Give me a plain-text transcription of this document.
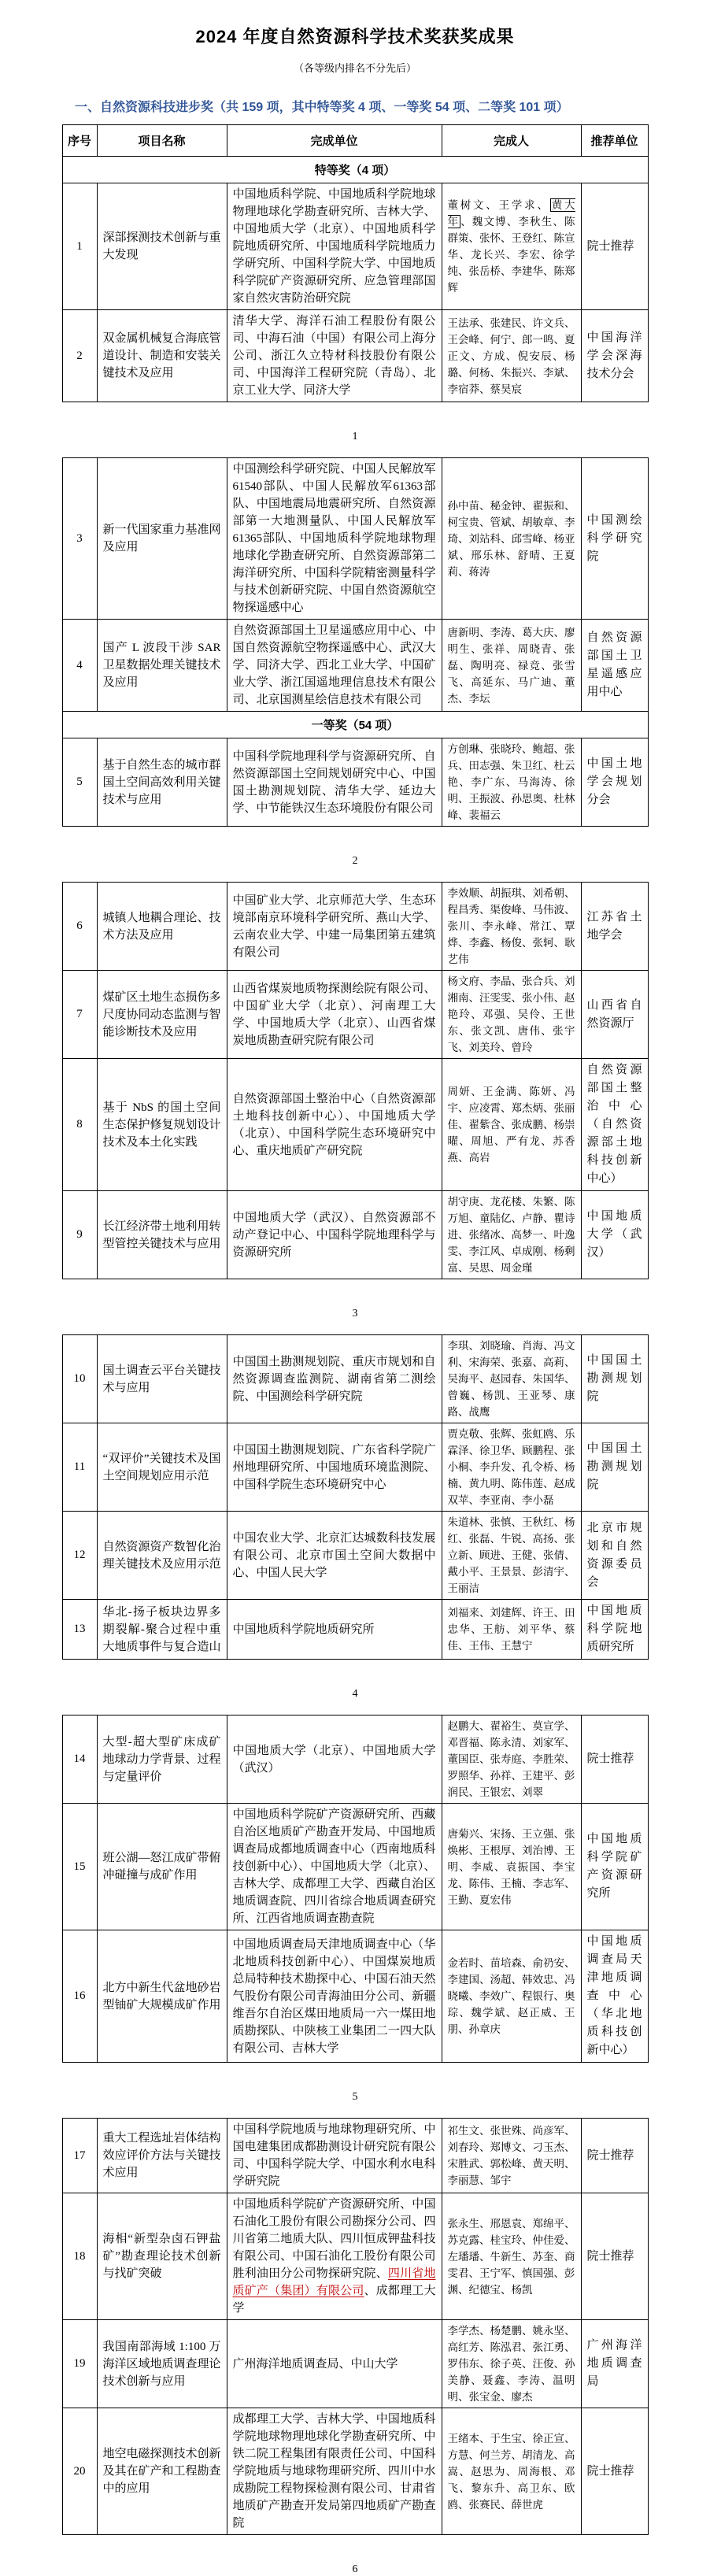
2024 年度自然资源科学技术奖获奖成果
（各等级内排名不分先后）
一、自然资源科技进步奖（共 159 项，其中特等奖 4 项、一等奖 54 项、二等奖 101 项）
序号	项目名称	完成单位	完成人	推荐单位
特等奖（4 项）				
1	深部探测技术创新与重大发现	中国地质科学院、中国地质科学院地球物理地球化学勘查研究所、吉林大学、中国地质大学（北京）、中国地质科学院地质研究所、中国地质科学院地质力学研究所、中国科学院大学、中国地质科学院矿产资源研究所、应急管理部国家自然灾害防治研究院	董树文、王学求、 黄大年 、魏文博、李秋生、陈群策、张怀、王登红、陈宣华、龙长兴、李宏、徐学纯、张岳桥、李建华、陈郑辉	院士推荐
2	双金属机械复合海底管道设计、制造和安装关键技术及应用	清华大学、海洋石油工程股份有限公司、中海石油（中国）有限公司上海分公司、浙江久立特材科技股份有限公司、中国海洋工程研究院（青岛）、北京工业大学、同济大学	王法承、张建民、许文兵、王会峰、何宁、郎一鸣、夏正文、方成、倪安辰、杨璐、何杨、朱振兴、李斌、李宿莽、蔡昊宸	中国海洋学会深海技术分会
1
3	新一代国家重力基准网及应用	中国测绘科学研究院、中国人民解放军61540部队、中国人民解放军61363部队、中国地震局地震研究所、自然资源部第一大地测量队、中国人民解放军61365部队、中国地质科学院地球物理地球化学勘查研究所、自然资源部第二海洋研究所、中国科学院精密测量科学与技术创新研究院、中国自然资源航空物探遥感中心	孙中苗、秘金钟、翟振和、柯宝贵、管斌、胡敏章、李琦、刘站科、邱雪峰、杨亚斌、邢乐林、舒晴、王夏莉、蒋涛	中国测绘科学研究院
4	国产 L 波段干涉 SAR 卫星数据处理关键技术及应用	自然资源部国土卫星遥感应用中心、中国自然资源航空物探遥感中心、武汉大学、同济大学、西北工业大学、中国矿业大学、浙江国遥地理信息技术有限公司、北京国测星绘信息技术有限公司	唐新明、李涛、葛大庆、廖明生、张祥、周晓青、张磊、陶明亮、禄竞、张雪飞、高延东、马广迪、董杰、李坛	自然资源部国土卫星遥感应用中心
一等奖（54 项）				
5	基于自然生态的城市群国土空间高效利用关键技术与应用	中国科学院地理科学与资源研究所、自然资源部国土空间规划研究中心、中国国土勘测规划院、清华大学、延边大学、中节能铁汉生态环境股份有限公司	方创琳、张晓玲、鲍超、张兵、田志强、朱卫红、杜云艳、李广东、马海涛、徐明、王振波、孙思奥、杜林峰、裴福云	中国土地学会规划分会
2
6	城镇人地耦合理论、技术方法及应用	中国矿业大学、北京师范大学、生态环境部南京环境科学研究所、燕山大学、云南农业大学、中建一局集团第五建筑有限公司	李效顺、胡振琪、刘希朝、程昌秀、渠俊峰、马伟波、张川、李永峰、常江、覃烨、李鑫、杨俊、张轲、耿艺伟	江苏省土地学会
7	煤矿区土地生态损伤多尺度协同动态监测与智能诊断技术及应用	山西省煤炭地质物探测绘院有限公司、中国矿业大学（北京）、河南理工大学、中国地质大学（北京）、山西省煤炭地质勘查研究院有限公司	杨文府、李晶、张合兵、刘湘南、汪雯雯、张小伟、赵艳玲、邓强、吴伶、王世东、张文凯、唐伟、张宇飞、刘美玲、曾玲	山西省自然资源厅
8	基于 NbS 的国土空间生态保护修复规划设计技术及本土化实践	自然资源部国土整治中心（自然资源部土地科技创新中心）、中国地质大学（北京）、中国科学院生态环境研究中心、重庆地质矿产研究院	周妍、王金满、陈妍、冯宇、应凌霄、郑杰炳、张丽佳、翟紫含、张成鹏、杨崇曜、周旭、严有龙、苏香燕、高岩	自然资源部国土整治中心（自然资源部土地科技创新中心）
9	长江经济带土地利用转型管控关键技术与应用	中国地质大学（武汉）、自然资源部不动产登记中心、中国科学院地理科学与资源研究所	胡守庚、龙花楼、朱繁、陈万旭、童陆亿、卢静、瞿诗进、张绪冰、高梦一、叶逸雯、李江风、卓成刚、杨剩富、吴思、周金瑾	中国地质大学（武汉）
3
10	国土调查云平台关键技术与应用	中国国土勘测规划院、重庆市规划和自然资源调查监测院、湖南省第二测绘院、中国测绘科学研究院	李琪、刘晓瑜、肖海、冯文利、宋海荣、张嘉、高莉、吴海平、赵园春、朱国华、曾巍、杨凯、王亚琴、康路、战鹰	中国国土勘测规划院
11	“双评价”关键技术及国土空间规划应用示范	中国国土勘测规划院、广东省科学院广州地理研究所、中国地质环境监测院、中国科学院生态环境研究中心	贾克敬、张辉、张虹鸥、乐霖泽、徐卫华、顾鹏程、张小桐、李升发、孔令桥、杨楠、黄九明、陈伟莲、赵成双苹、李亚南、李小磊	中国国土勘测规划院
12	自然资源资产数智化治理关键技术及应用示范	中国农业大学、北京汇达城数科技发展有限公司、北京市国土空间大数据中心、中国人民大学	朱道林、张慎、王秋红、杨红、张磊、牛锐、高扬、张立新、顾进、王健、张倩、戴小平、王景景、彭清宇、王丽洁	北京市规划和自然资源委员会
13	华北-扬子板块边界多期裂解-聚合过程中重大地质事件与复合造山	中国地质科学院地质研究所	刘福来、刘建辉、许王、田忠华、王舫、刘平华、蔡佳、王伟、王慧宁	中国地质科学院地质研究所
4
14	大型-超大型矿床成矿地球动力学背景、过程与定量评价	中国地质大学（北京）、中国地质大学（武汉）	赵鹏大、翟裕生、莫宣学、邓晋福、陈永清、刘家军、董国臣、张寿庭、李胜荣、罗照华、孙祥、王建平、彭润民、王银宏、刘翠	院士推荐
15	班公湖—怒江成矿带俯冲碰撞与成矿作用	中国地质科学院矿产资源研究所、西藏自治区地质矿产勘查开发局、中国地质调查局成都地质调查中心（西南地质科技创新中心）、中国地质大学（北京）、吉林大学、成都理工大学、西藏自治区地质调查院、四川省综合地质调查研究所、江西省地质调查勘查院	唐菊兴、宋扬、王立强、张焕彬、王根厚、刘治博、王明、李威、袁振国、李宝龙、陈伟、王楠、李志军、王勤、夏宏伟	中国地质科学院矿产资源研究所
16	北方中新生代盆地砂岩型铀矿大规模成矿作用	中国地质调查局天津地质调查中心（华北地质科技创新中心）、中国煤炭地质总局特种技术勘探中心、中国石油天然气股份有限公司青海油田分公司、新疆维吾尔自治区煤田地质局一六一煤田地质勘探队、中陕核工业集团二一四大队有限公司、吉林大学	金若时、苗培森、俞礽安、李建国、汤超、韩效忠、冯晓曦、李效广、程银行、奥琮、魏学斌、赵正威、王朋、孙章庆	中国地质调查局天津地质调查中心（华北地质科技创新中心）
5
17	重大工程选址岩体结构效应评价方法与关键技术应用	中国科学院地质与地球物理研究所、中国电建集团成都勘测设计研究院有限公司、中国科学院大学、中国水利水电科学研究院	祁生文、张世殊、尚彦军、刘春玲、郑博文、刁玉杰、宋胜武、郭松峰、黄天明、李丽慧、邹宇	院士推荐
18	海相“新型杂卤石钾盐矿”勘查理论技术创新与找矿突破	中国地质科学院矿产资源研究所、中国石油化工股份有限公司勘探分公司、四川省第二地质大队、四川恒成钾盐科技有限公司、中国石油化工股份有限公司胜利油田分公司物探研究院、四川省地质矿产（集团）有限公司、成都理工大学	张永生、邢恩袁、郑绵平、苏克露、桂宝玲、仲佳爱、左璠璠、牛新生、苏奎、商雯君、王宁军、慎国强、彭渊、纪德宝、杨凯	院士推荐
19	我国南部海域 1:100 万海洋区域地质调查理论技术创新与应用	广州海洋地质调查局、中山大学	李学杰、杨楚鹏、姚永坚、高红芳、陈泓君、张江勇、罗伟东、徐子英、汪俊、孙美静、聂鑫、李涛、温明明、张宝金、廖杰	广州海洋地质调查局
20	地空电磁探测技术创新及其在矿产和工程勘查中的应用	成都理工大学、吉林大学、中国地质科学院地球物理地球化学勘查研究所、中铁二院工程集团有限责任公司、中国科学院地质与地球物理研究所、四川中水成勘院工程物探检测有限公司、甘肃省地质矿产勘查开发局第四地质矿产勘查院	王绪本、于生宝、徐正宣、方慧、何兰芳、胡清龙、高嵩、赵思为、周海根、邓飞、黎东升、高卫东、欧鸥、张赛民、薛世虎	院士推荐
6
